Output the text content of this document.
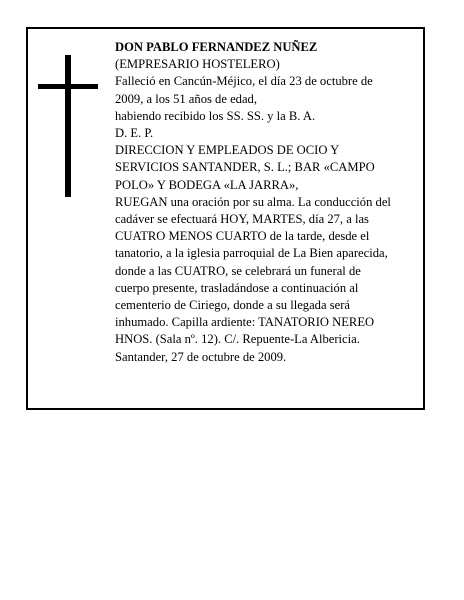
DON PABLO FERNANDEZ NUÑEZ
(EMPRESARIO HOSTELERO)
Falleció en Cancún-Méjico, el día 23 de octubre de
2009, a los 51 años de edad,
habiendo recibido los SS. SS. y la B. A.
D. E. P.
DIRECCION Y EMPLEADOS DE OCIO Y
SERVICIOS SANTANDER, S. L.; BAR «CAMPO
POLO» Y BODEGA «LA JARRA»,
RUEGAN una oración por su alma. La conducción del
cadáver se efectuará HOY, MARTES, día 27, a las
CUATRO MENOS CUARTO de la tarde, desde el
tanatorio, a la iglesia parroquial de La Bien aparecida,
donde a las CUATRO, se celebrará un funeral de
cuerpo presente, trasladándose a continuación al
cementerio de Ciriego, donde a su llegada será
inhumado. Capilla ardiente: TANATORIO NEREO
HNOS. (Sala nº. 12). C/. Repuente-La Albericia.
Santander, 27 de octubre de 2009.
